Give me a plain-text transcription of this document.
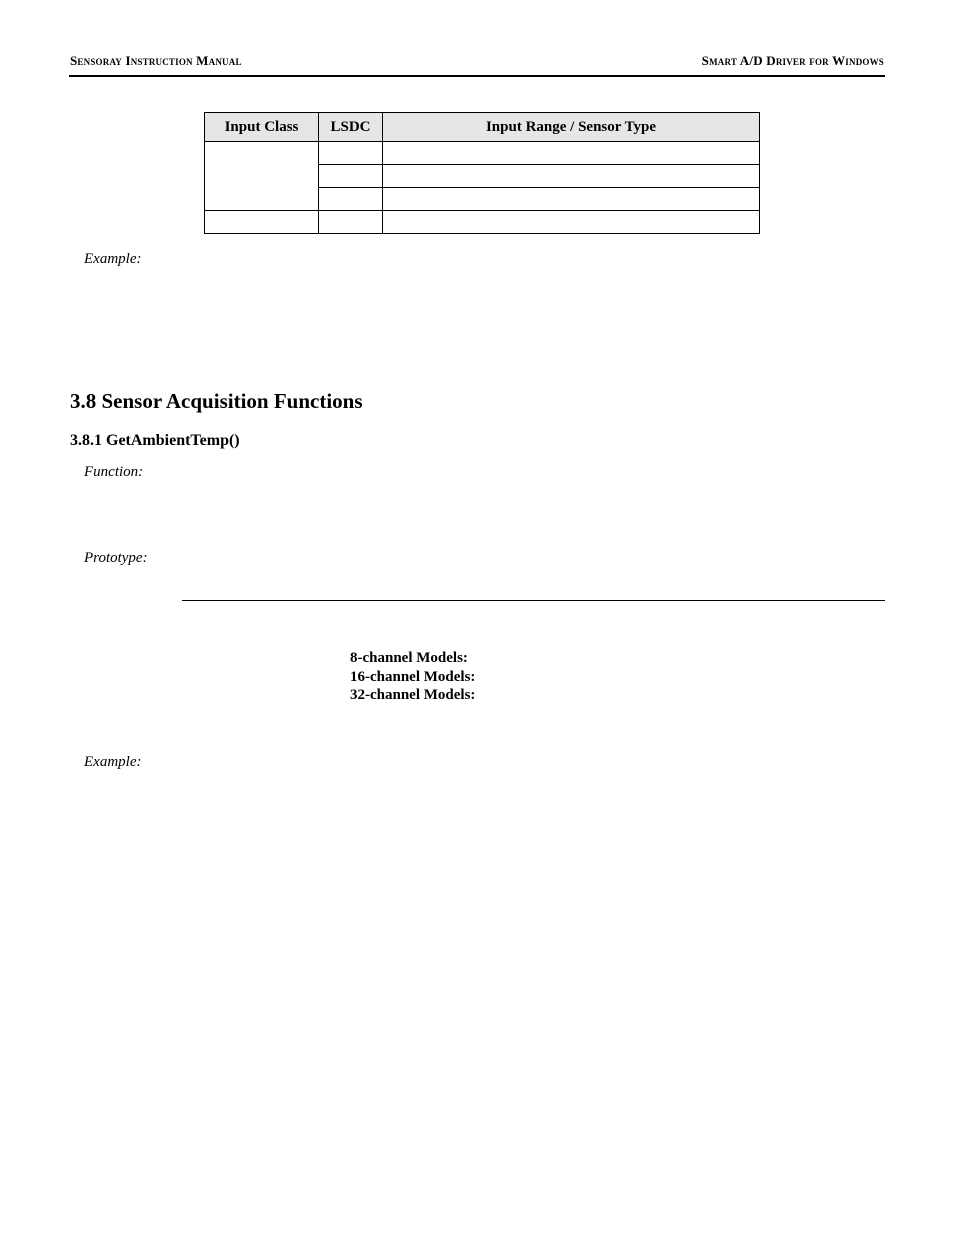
Sensoray Instruction Manual	Smart A/D Driver for Windows
Input Class	LSDC	Input Range / Sensor Type

Example:
3.8 Sensor Acquisition Functions
3.8.1 GetAmbientTemp()
Function:
Prototype:
8-channel Models:
16-channel Models:
32-channel Models:
Example:
